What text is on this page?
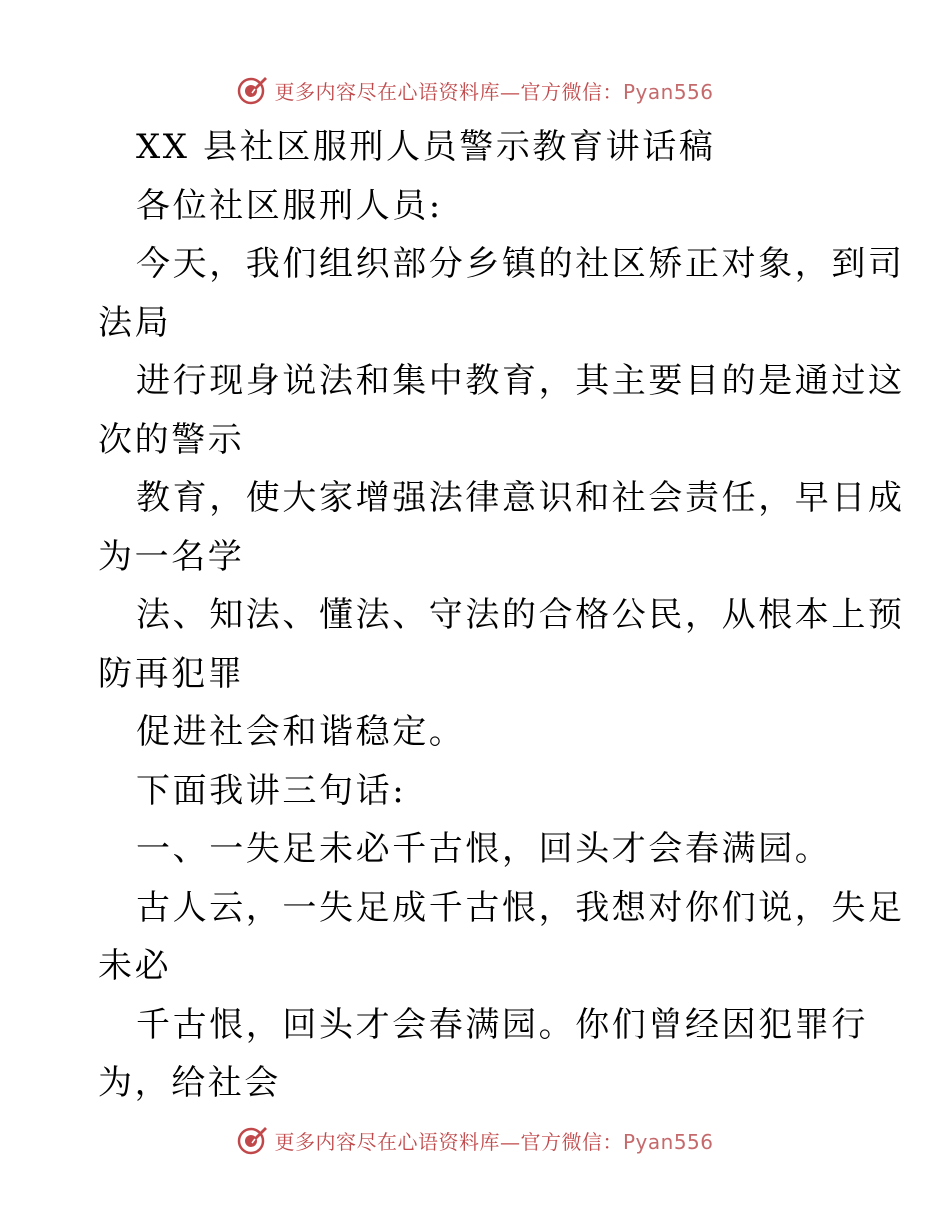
更多内容尽在心语资料库—官方微信：Pyan556
XX 县社区服刑人员警示教育讲话稿
各位社区服刑人员:
今天，我们组织部分乡镇的社区矫正对象，到司
法局
进行现身说法和集中教育，其主要目的是通过这
次的警示
教育，使大家增强法律意识和社会责任，早日成
为一名学
法、知法、懂法、守法的合格公民，从根本上预
防再犯罪
促进社会和谐稳定。
下面我讲三句话:
一、一失足未必千古恨，回头才会春满园。
古人云，一失足成千古恨，我想对你们说，失足
未必
千古恨，回头才会春满园。你们曾经因犯罪行
为，给社会
更多内容尽在心语资料库—官方微信：Pyan556
